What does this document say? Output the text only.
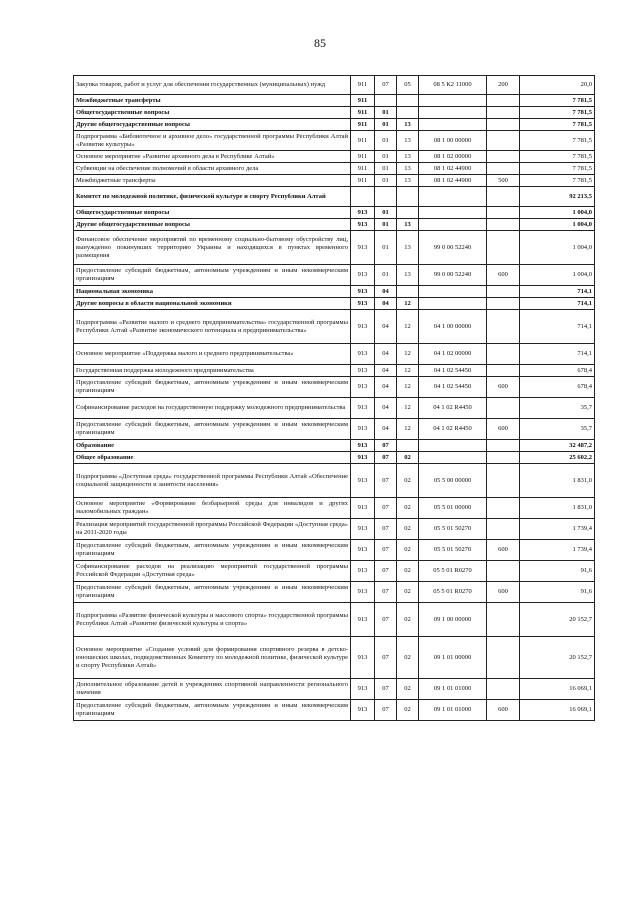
85
Закупка товаров, работ и услуг для обеспечения государственных (муниципальных) нужд	911	07	05	08 5 К2 11000	200	20,0
Межбюджетные трансферты	911					7 781,5
Общегосударственные вопросы	911	01				7 781,5
Другие общегосударственные вопросы	911	01	13			7 781,5
Подпрограмма «Библиотечное и архивное дело» государственной программы Республики Алтай «Развитие культуры»	911	01	13	08 1 00 00000		7 781,5
Основное мероприятие «Развитие архивного дела в Республике Алтай»	911	01	13	08 1 02 00000		7 781,5
Субвенции на обеспечение полномочий в области архивного дела	911	01	13	08 1 02 44900		7 781,5
Межбюджетные трансферты	911	01	13	08 1 02 44900	500	7 781,5
Комитет по молодежной политике, физической культуре и спорту Республики Алтай						92 213,5
Общегосударственные вопросы	913	01				1 004,0
Другие общегосударственные вопросы	913	01	13			1 004,0
Финансовое обеспечение мероприятий по временному социально-бытовому обустройству лиц, вынужденно покинувших территорию Украины и находящихся в пунктах временного размещения	913	01	13	99 0 00 52240		1 004,0
Предоставление субсидий бюджетным, автономным учреждениям и иным некоммерческим организациям	913	01	13	99 0 00 52240	600	1 004,0
Национальная экономика	913	04				714,1
Другие вопросы в области национальной экономики	913	04	12			714,1
Подпрограмма «Развитие малого и среднего предпринимательства» государственной программы Республики Алтай «Развитие экономического потенциала и предпринимательства»	913	04	12	04 1 00 00000		714,1
Основное мероприятие «Поддержка малого и среднего предпринимательства»	913	04	12	04 1 02 00000		714,1
Государственная поддержка молодежного предпринимательства	913	04	12	04 1 02 54450		678,4
Предоставление субсидий бюджетным, автономным учреждениям и иным некоммерческим организациям	913	04	12	04 1 02 54450	600	678,4
Софинансирование расходов на государственную поддержку молодежного предпринимательства	913	04	12	04 1 02 R4450		35,7
Предоставление субсидий бюджетным, автономным учреждениям и иным некоммерческим организациям	913	04	12	04 1 02 R4450	600	35,7
Образование	913	07				32 487,2
Общее образование	913	07	02			25 602,2
Подпрограмма «Доступная среда» государственной программы Республики Алтай «Обеспечение социальной защищенности и занятости населения»	913	07	02	05 5 00 00000		1 831,0
Основное мероприятие «Формирование безбарьерной среды для инвалидов и других маломобильных граждан»	913	07	02	05 5 01 00000		1 831,0
Реализация мероприятий государственной программы Российской Федерации «Доступная среда» на 2011-2020 годы	913	07	02	05 5 01 50270		1 739,4
Предоставление субсидий бюджетным, автономным учреждениям и иным некоммерческим организациям	913	07	02	05 5 01 50270	600	1 739,4
Софинансирование расходов на реализацию мероприятий государственной программы Российской Федерации «Доступная среда»	913	07	02	05 5 01 R0270		91,6
Предоставление субсидий бюджетным, автономным учреждениям и иным некоммерческим организациям	913	07	02	05 5 01 R0270	600	91,6
Подпрограмма «Развитие физической культуры и массового спорта» государственной программы Республики Алтай «Развитие физической культуры и спорта»	913	07	02	09 1 00 00000		20 152,7
Основное мероприятие «Создание условий для формирования спортивного резерва в детско-юношеских школах, подведомственных Комитету по молодежной политике, физической культуре и спорту Республики Алтай»	913	07	02	09 1 01 00000		20 152,7
Дополнительное образование детей в учреждениях спортивной направленности регионального значения	913	07	02	09 1 01 01000		16 069,1
Предоставление субсидий бюджетным, автономным учреждениям и иным некоммерческим организациям	913	07	02	09 1 01 01000	600	16 069,1
